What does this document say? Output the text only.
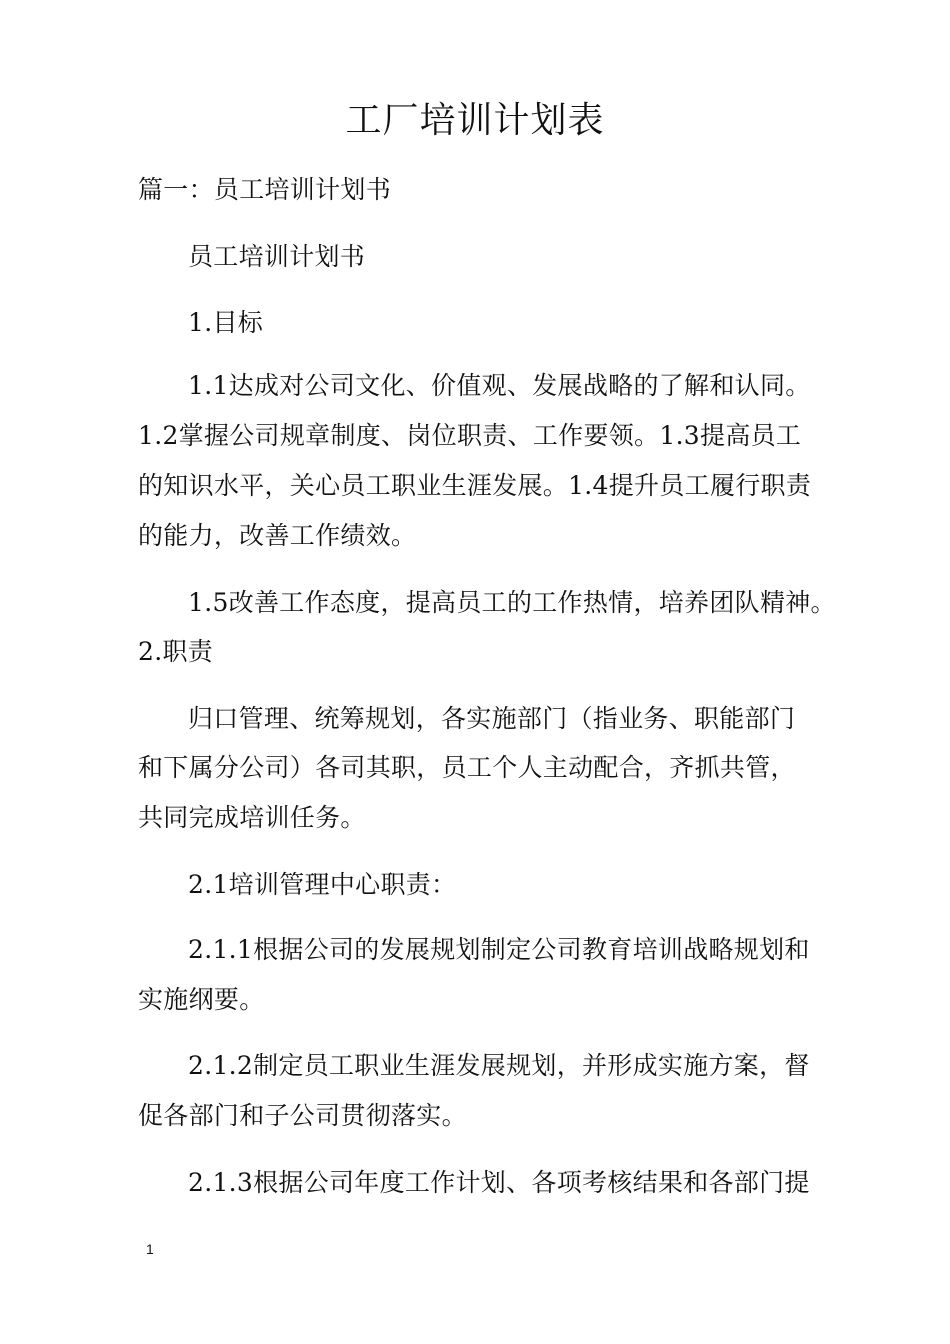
工厂培训计划表
篇一：员工培训计划书
员工培训计划书
1.目标
1.1达成对公司文化、价值观、发展战略的了解和认同。
1.2掌握公司规章制度、岗位职责、工作要领。1.3提高员工
的知识水平，关心员工职业生涯发展。1.4提升员工履行职责
的能力，改善工作绩效。
1.5改善工作态度，提高员工的工作热情，培养团队精神。
2.职责
归口管理、统筹规划，各实施部门（指业务、职能部门
和下属分公司）各司其职，员工个人主动配合，齐抓共管，
共同完成培训任务。
2.1培训管理中心职责：
2.1.1根据公司的发展规划制定公司教育培训战略规划和
实施纲要。
2.1.2制定员工职业生涯发展规划，并形成实施方案，督
促各部门和子公司贯彻落实。
2.1.3根据公司年度工作计划、各项考核结果和各部门提
1
